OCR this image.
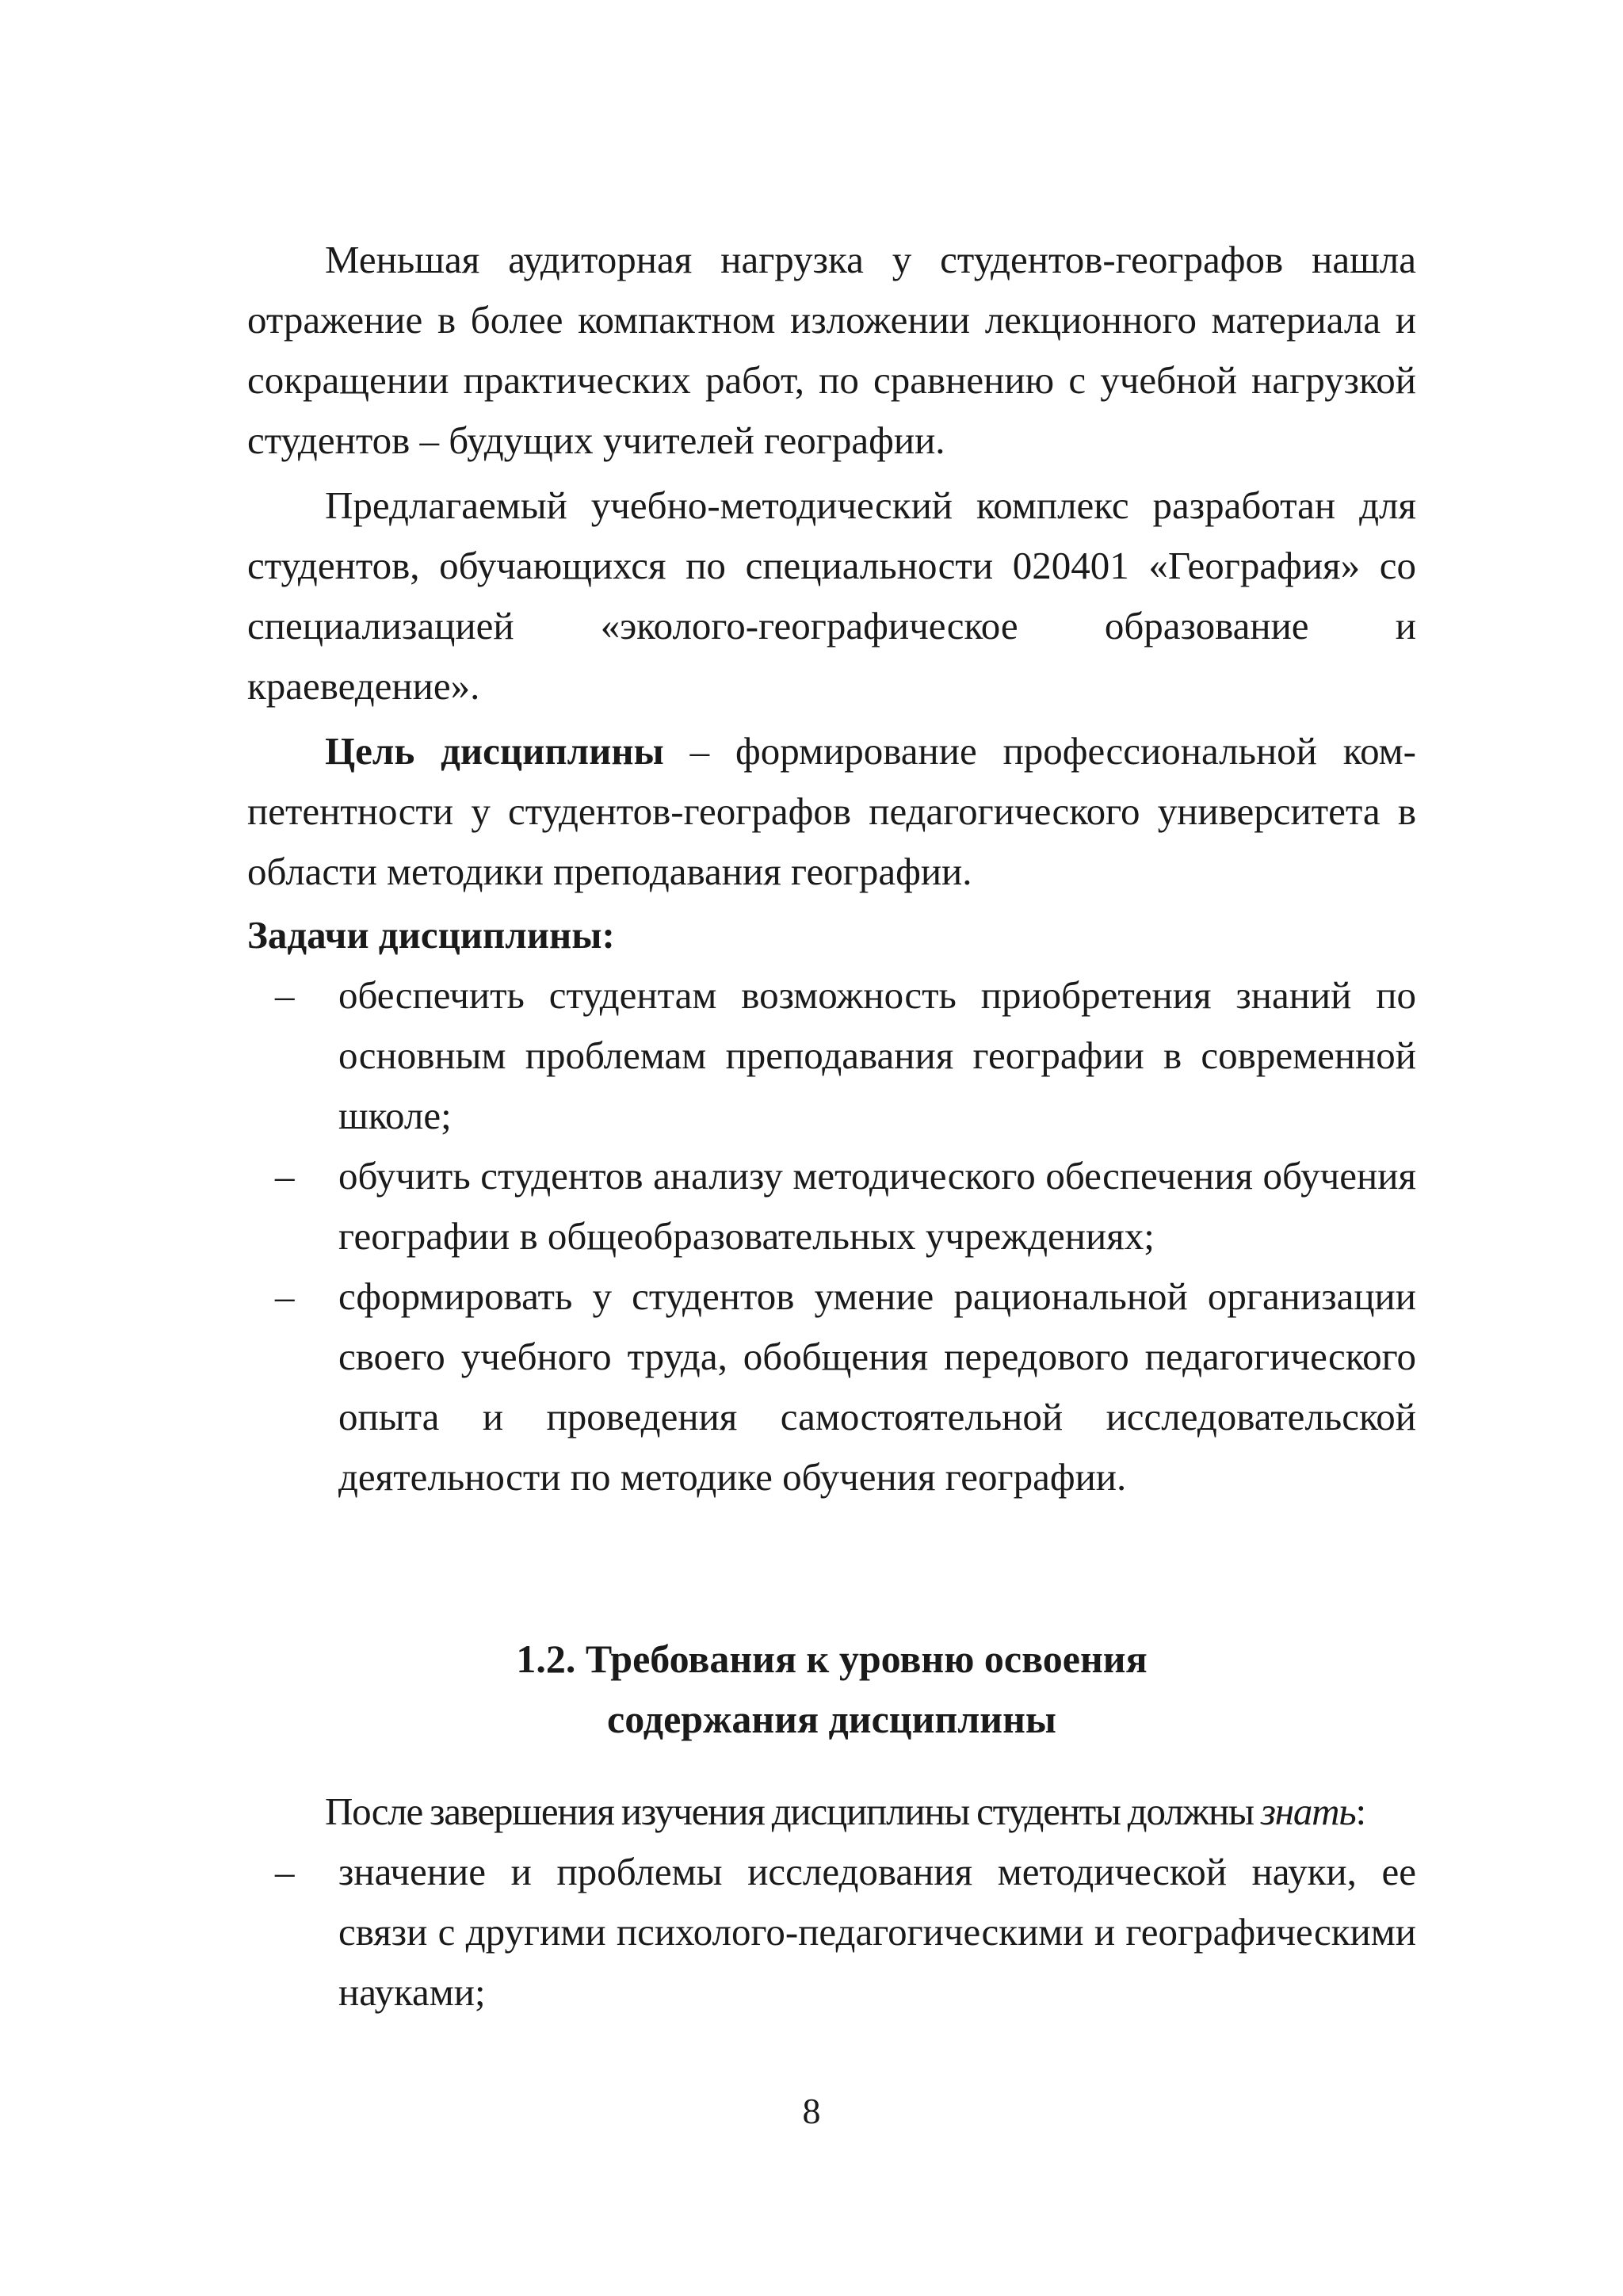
Меньшая аудиторная нагрузка у студентов-географов нашла отражение в более компактном изложении лекционного материала и сокращении практических работ, по сравнению с учебной нагрузкой студентов – будущих учителей географии.

Предлагаемый учебно-методический комплекс разработан для студентов, обучающихся по специальности 020401 «География» со специализацией «эколого-географическое образование и краеведение».

Цель дисциплины – формирование профессиональной компетентности у студентов-географов педагогического университета в области методики преподавания географии.

Задачи дисциплины:

– обеспечить студентам возможность приобретения знаний по основным проблемам преподавания географии в современной школе;
– обучить студентов анализу методического обеспечения обучения географии в общеобразовательных учреждениях;
– сформировать у студентов умение рациональной организации своего учебного труда, обобщения передового педагогического опыта и проведения самостоятельной исследовательской деятельности по методике обучения географии.
1.2. Требования к уровню освоения
содержания дисциплины

После завершения изучения дисциплины студенты должны знать:

– значение и проблемы исследования методической науки, ее связи с другими психолого-педагогическими и географическими науками;
8
